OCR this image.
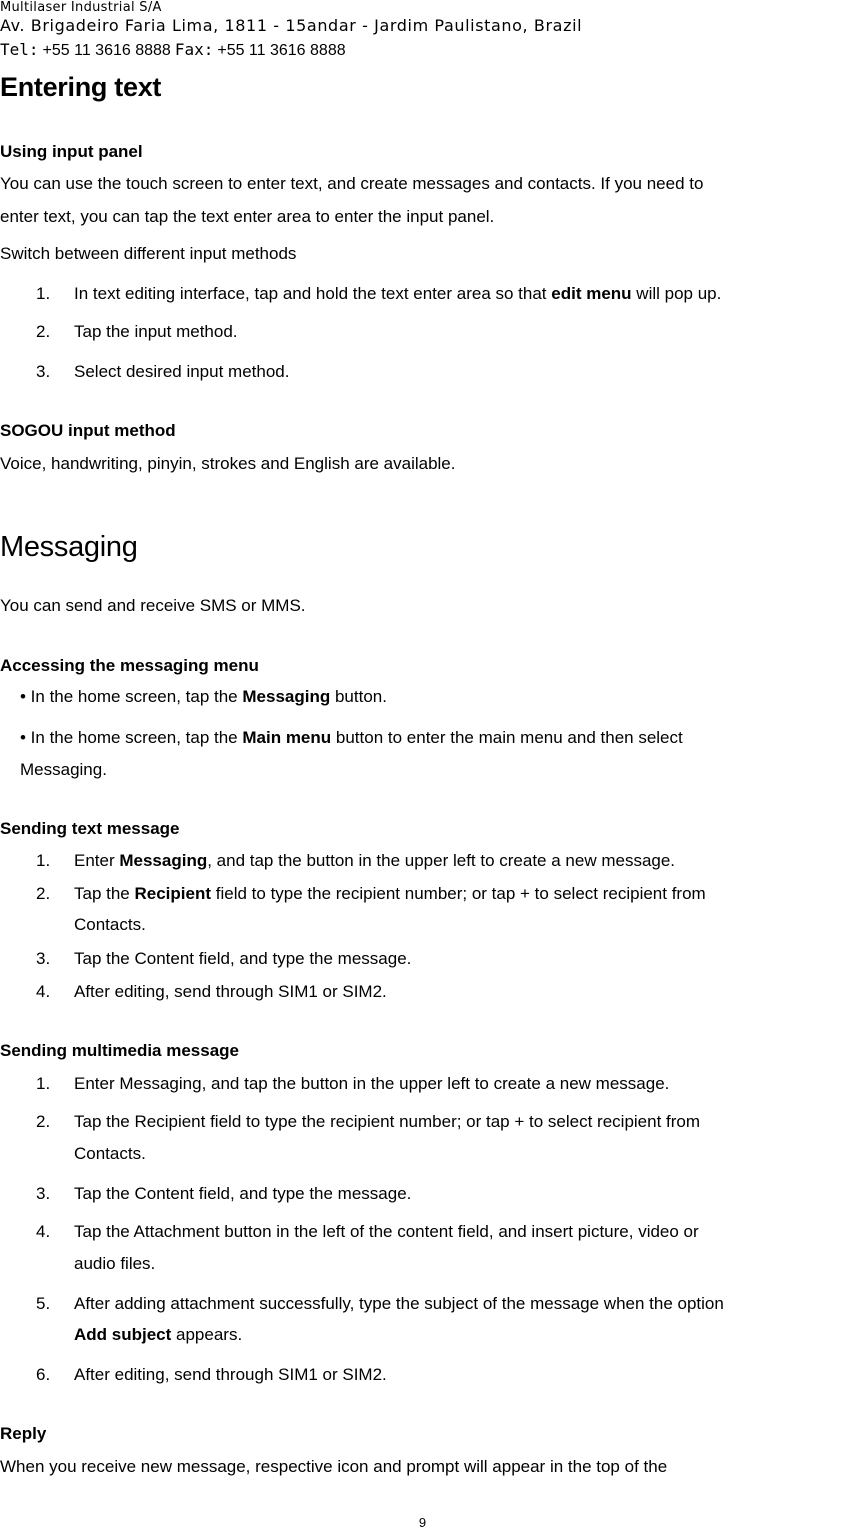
Multilaser Industrial S/A
Av. Brigadeiro Faria Lima, 1811 - 15andar - Jardim Paulistano, Brazil
Tel: +55 11 3616 8888 Fax: +55 11 3616 8888
Entering text
Using input panel
You can use the touch screen to enter text, and create messages and contacts. If you need to
enter text, you can tap the text enter area to enter the input panel.
Switch between different input methods
1.	In text editing interface, tap and hold the text enter area so that edit menu will pop up.
2.	Tap the input method.
3.	Select desired input method.
SOGOU input method
Voice, handwriting, pinyin, strokes and English are available.
Messaging
You can send and receive SMS or MMS.
Accessing the messaging menu
• In the home screen, tap the Messaging button.
• In the home screen, tap the Main menu button to enter the main menu and then select
Messaging.
Sending text message
1.	Enter Messaging, and tap the button in the upper left to create a new message.
2.	Tap the Recipient field to type the recipient number; or tap + to select recipient from
Contacts.
3.	Tap the Content field, and type the message.
4.	After editing, send through SIM1 or SIM2.
Sending multimedia message
1.	Enter Messaging, and tap the button in the upper left to create a new message.
2.	Tap the Recipient field to type the recipient number; or tap + to select recipient from
Contacts.
3.	Tap the Content field, and type the message.
4.	Tap the Attachment button in the left of the content field, and insert picture, video or
audio files.
5.	After adding attachment successfully, type the subject of the message when the option
Add subject appears.
6.	After editing, send through SIM1 or SIM2.
Reply
When you receive new message, respective icon and prompt will appear in the top of the
9
